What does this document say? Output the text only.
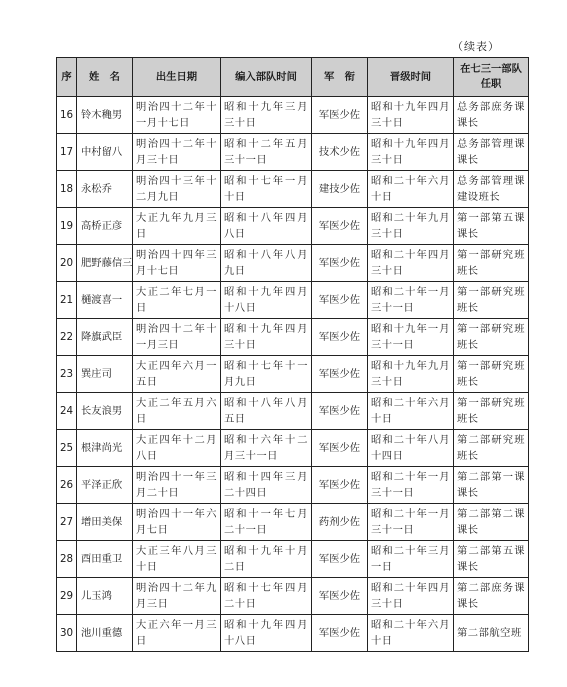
（续表）
序	姓　名	出生日期	编入部队时间	军　衔	晋级时间	在七三一部队任职
16	铃木穐男	明治四十二年十一月十七日	昭和十九年三月三十日	军医少佐	昭和十九年四月三十日	总务部庶务课课长
17	中村留八	明治四十二年十月三十日	昭和十二年五月三十一日	技术少佐	昭和十九年四月三十日	总务部管理课课长
18	永松乔	明治四十三年十二月九日	昭和十七年一月十日	建技少佐	昭和二十年六月十日	总务部管理课建设班长
19	高桥正彦	大正九年九月三日	昭和十八年四月八日	军医少佐	昭和二十年九月三十日	第一部第五课课长
20	肥野藤信三	明治四十四年三月十七日	昭和十八年八月九日	军医少佐	昭和二十年四月三十日	第一部研究班班长
21	樋渡喜一	大正二年七月一日	昭和十九年四月十八日	军医少佐	昭和二十年一月三十一日	第一部研究班班长
22	降旗武臣	明治四十二年十一月三日	昭和十九年四月三十日	军医少佐	昭和十九年一月三十一日	第一部研究班班长
23	巽庄司	大正四年六月一五日	昭和十七年十一月九日	军医少佐	昭和十九年九月三十日	第一部研究班班长
24	长友浪男	大正二年五月六日	昭和十八年八月五日	军医少佐	昭和二十年六月十日	第一部研究班班长
25	根津尚光	大正四年十二月八日	昭和十六年十二月三十一日	军医少佐	昭和二十年八月十四日	第二部研究班班长
26	平泽正欣	明治四十一年三月二十日	昭和十四年三月二十四日	军医少佐	昭和二十年一月三十一日	第二部第一课课长
27	增田美保	明治四十一年六月七日	昭和十一年七月二十一日	药剂少佐	昭和二十年一月三十一日	第二部第二课课长
28	酉田重卫	大正三年八月三十日	昭和十九年十月二日	军医少佐	昭和二十年三月一日	第二部第五课课长
29	儿玉鸿	明治四十二年九月三日	昭和十七年四月二十日	军医少佐	昭和二十年四月三十日	第二部庶务课课长
30	池川重德	大正六年一月三日	昭和十九年四月十八日	军医少佐	昭和二十年六月十日	第二部航空班
